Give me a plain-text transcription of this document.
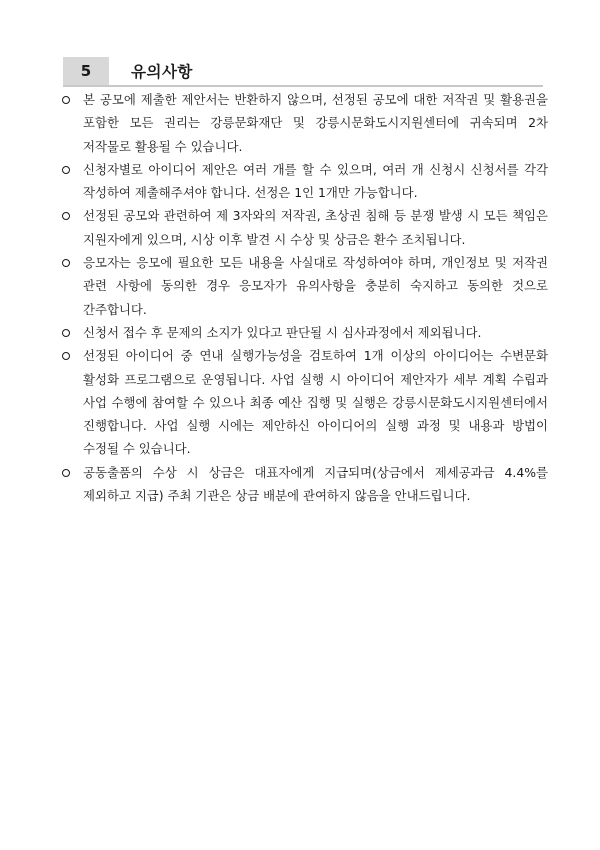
5	유의사항
본 공모에 제출한 제안서는 반환하지 않으며, 선정된 공모에 대한 저작권 및 활용권을 포함한 모든 권리는 강릉문화재단 및 강릉시문화도시지원센터에 귀속되며 2차 저작물로 활용될 수 있습니다.
신청자별로 아이디어 제안은 여러 개를 할 수 있으며, 여러 개 신청시 신청서를 각각 작성하여 제출해주셔야 합니다. 선정은 1인 1개만 가능합니다.
선정된 공모와 관련하여 제 3자와의 저작권, 초상권 침해 등 분쟁 발생 시 모든 책임은 지원자에게 있으며, 시상 이후 발견 시 수상 및 상금은 환수 조치됩니다.
응모자는 응모에 필요한 모든 내용을 사실대로 작성하여야 하며, 개인정보 및 저작권 관련 사항에 동의한 경우 응모자가 유의사항을 충분히 숙지하고 동의한 것으로 간주합니다.
신청서 접수 후 문제의 소지가 있다고 판단될 시 심사과정에서 제외됩니다.
선정된 아이디어 중 연내 실행가능성을 검토하여 1개 이상의 아이디어는 수변문화 활성화 프로그램으로 운영됩니다. 사업 실행 시 아이디어 제안자가 세부 계획 수립과 사업 수행에 참여할 수 있으나 최종 예산 집행 및 실행은 강릉시문화도시지원센터에서 진행합니다. 사업 실행 시에는 제안하신 아이디어의 실행 과정 및 내용과 방법이 수정될 수 있습니다.
공동출품의 수상 시 상금은 대표자에게 지급되며(상금에서 제세공과금 4.4%를 제외하고 지급) 주최 기관은 상금 배분에 관여하지 않음을 안내드립니다.
